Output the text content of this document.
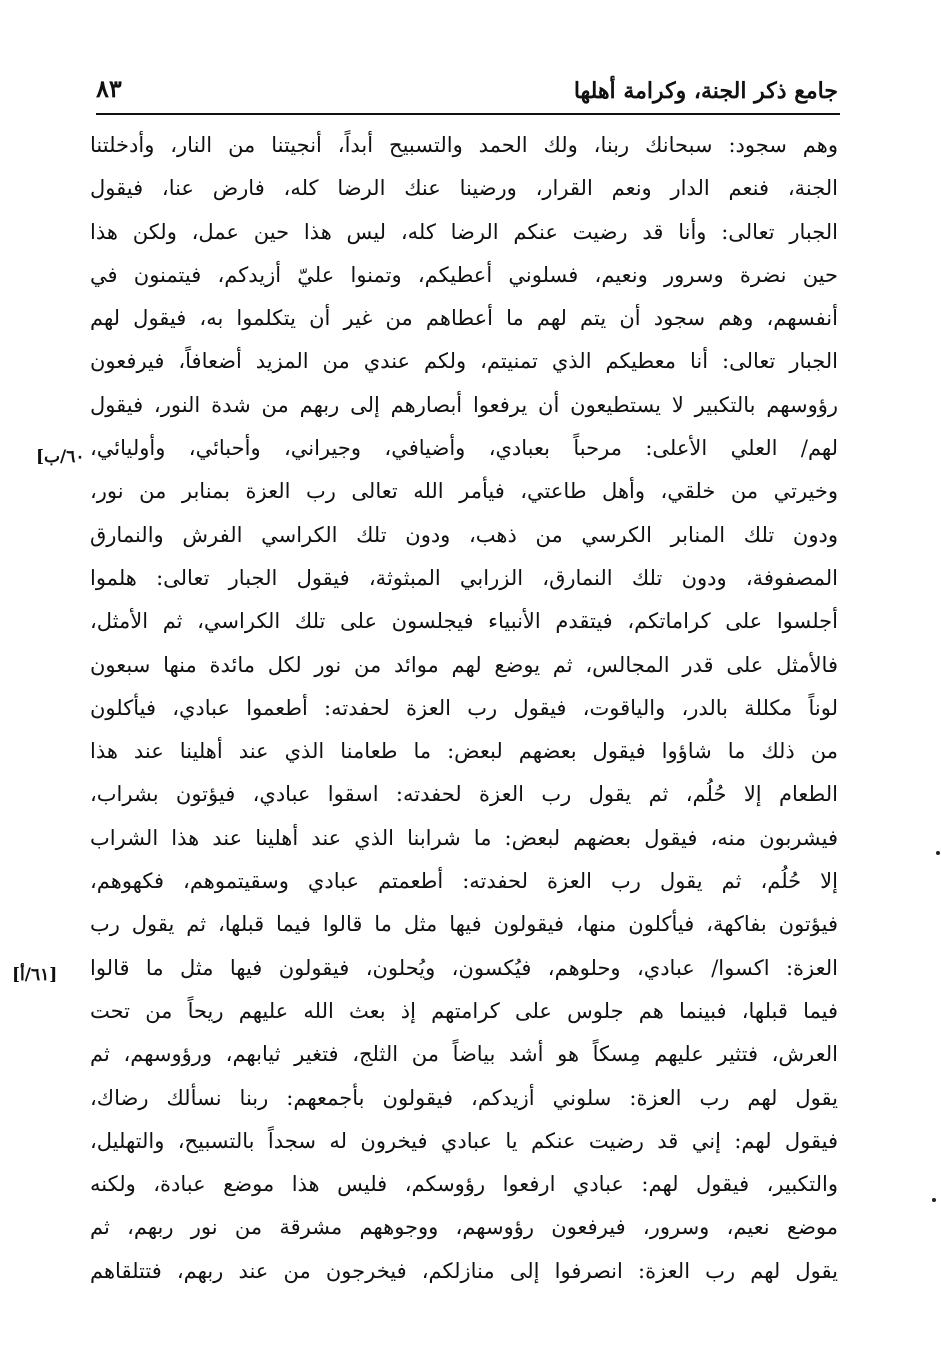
جامع ذكر الجنة، وكرامة أهلها
٨٣
وهم سجود: سبحانك ربنا، ولك الحمد والتسبيح أبداً، أنجيتنا من النار، وأدخلتنا
الجنة، فنعم الدار ونعم القرار، ورضينا عنك الرضا كله، فارض عنا، فيقول
الجبار تعالى: وأنا قد رضيت عنكم الرضا كله، ليس هذا حين عمل، ولكن هذا
حين نضرة وسرور ونعيم، فسلوني أعطيكم، وتمنوا عليّ أزيدكم، فيتمنون في
أنفسهم، وهم سجود أن يتم لهم ما أعطاهم من غير أن يتكلموا به، فيقول لهم
الجبار تعالى: أنا معطيكم الذي تمنيتم، ولكم عندي من المزيد أضعافاً، فيرفعون
رؤوسهم بالتكبير لا يستطيعون أن يرفعوا أبصارهم إلى ربهم من شدة النور، فيقول
لهم/ العلي الأعلى: مرحباً بعبادي، وأضيافي، وجيراني، وأحبائي، وأوليائي،
وخيرتي من خلقي، وأهل طاعتي، فيأمر الله تعالى رب العزة بمنابر من نور،
ودون تلك المنابر الكرسي من ذهب، ودون تلك الكراسي الفرش والنمارق
المصفوفة، ودون تلك النمارق، الزرابي المبثوثة، فيقول الجبار تعالى: هلموا
أجلسوا على كراماتكم، فيتقدم الأنبياء فيجلسون على تلك الكراسي، ثم الأمثل،
فالأمثل على قدر المجالس، ثم يوضع لهم موائد من نور لكل مائدة منها سبعون
لوناً مكللة بالدر، والياقوت، فيقول رب العزة لحفدته: أطعموا عبادي، فيأكلون
من ذلك ما شاؤوا فيقول بعضهم لبعض: ما طعامنا الذي عند أهلينا عند هذا
الطعام إلا حُلُم، ثم يقول رب العزة لحفدته: اسقوا عبادي، فيؤتون بشراب،
فيشربون منه، فيقول بعضهم لبعض: ما شرابنا الذي عند أهلينا عند هذا الشراب
إلا حُلُم، ثم يقول رب العزة لحفدته: أطعمتم عبادي وسقيتموهم، فكهوهم،
فيؤتون بفاكهة، فيأكلون منها، فيقولون فيها مثل ما قالوا فيما قبلها، ثم يقول رب
العزة: اكسوا/ عبادي، وحلوهم، فيُكسون، ويُحلون، فيقولون فيها مثل ما قالوا
فيما قبلها، فبينما هم جلوس على كرامتهم إذ بعث الله عليهم ريحاً من تحت
العرش، فتثير عليهم مِسكاً هو أشد بياضاً من الثلج، فتغير ثيابهم، ورؤوسهم، ثم
يقول لهم رب العزة: سلوني أزيدكم، فيقولون بأجمعهم: ربنا نسألك رضاك،
فيقول لهم: إني قد رضيت عنكم يا عبادي فيخرون له سجداً بالتسبيح، والتهليل،
والتكبير، فيقول لهم: عبادي ارفعوا رؤوسكم، فليس هذا موضع عبادة، ولكنه
موضع نعيم، وسرور، فيرفعون رؤوسهم، ووجوههم مشرقة من نور ربهم، ثم
يقول لهم رب العزة: انصرفوا إلى منازلكم، فيخرجون من عند ربهم، فتتلقاهم
[٦٠/ب
[٦١/أ]
